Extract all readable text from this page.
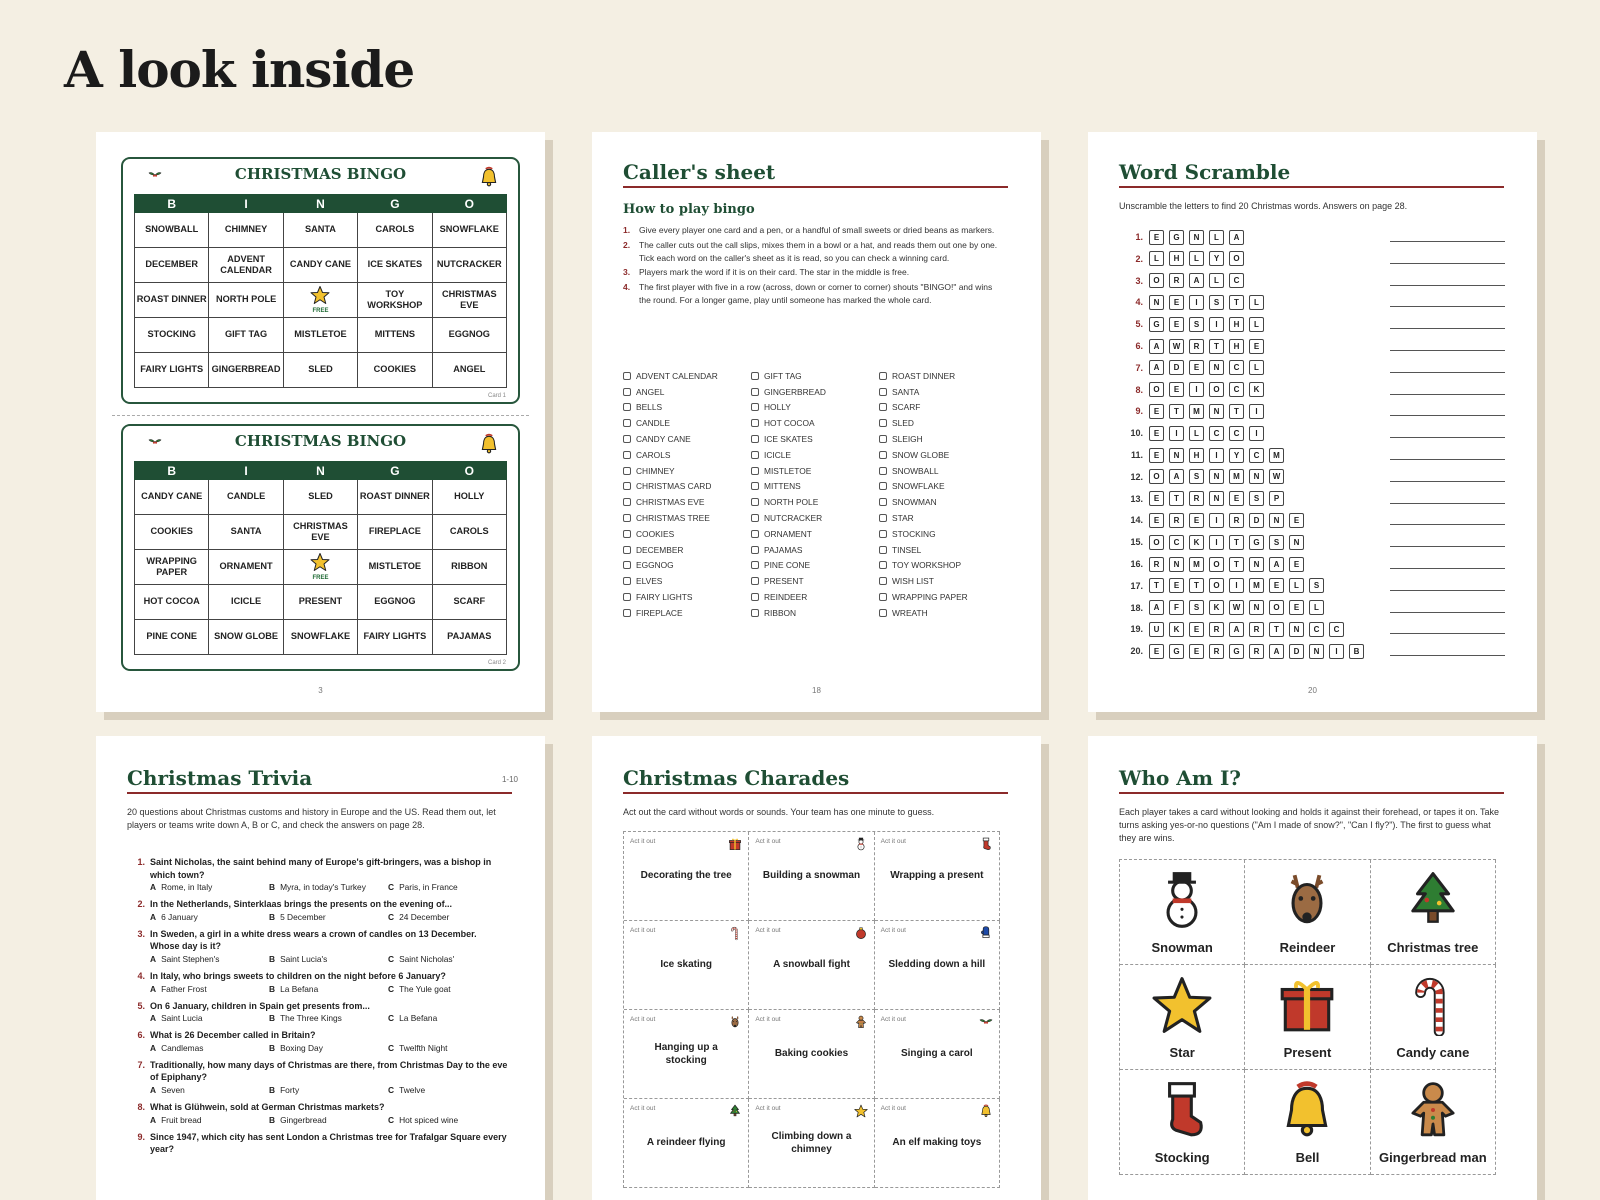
A look inside
CHRISTMAS BINGO
B	I	N	G	O
SNOWBALL	CHIMNEY	SANTA	CAROLS	SNOWFLAKE
DECEMBER	ADVENT CALENDAR	CANDY CANE	ICE SKATES	NUTCRACKER
ROAST DINNER	NORTH POLE	FREE	TOY WORKSHOP	CHRISTMAS EVE
STOCKING	GIFT TAG	MISTLETOE	MITTENS	EGGNOG
FAIRY LIGHTS	GINGERBREAD	SLED	COOKIES	ANGEL
Card 1
CHRISTMAS BINGO
B	I	N	G	O
CANDY CANE	CANDLE	SLED	ROAST DINNER	HOLLY
COOKIES	SANTA	CHRISTMAS EVE	FIREPLACE	CAROLS
WRAPPING PAPER	ORNAMENT	FREE	MISTLETOE	RIBBON
HOT COCOA	ICICLE	PRESENT	EGGNOG	SCARF
PINE CONE	SNOW GLOBE	SNOWFLAKE	FAIRY LIGHTS	PAJAMAS
Card 2
3
Caller's sheet
How to play bingo
1.	Give every player one card and a pen, or a handful of small sweets or dried beans as markers.
2.	The caller cuts out the call slips, mixes them in a bowl or a hat, and reads them out one by one. Tick each word on the caller's sheet as it is read, so you can check a winning card.
3.	Players mark the word if it is on their card. The star in the middle is free.
4.	The first player with five in a row (across, down or corner to corner) shouts "BINGO!" and wins the round. For a longer game, play until someone has marked the whole card.
ADVENT CALENDAR
ANGEL
BELLS
CANDLE
CANDY CANE
CAROLS
CHIMNEY
CHRISTMAS CARD
CHRISTMAS EVE
CHRISTMAS TREE
COOKIES
DECEMBER
EGGNOG
ELVES
FAIRY LIGHTS
FIREPLACE
GIFT TAG
GINGERBREAD
HOLLY
HOT COCOA
ICE SKATES
ICICLE
MISTLETOE
MITTENS
NORTH POLE
NUTCRACKER
ORNAMENT
PAJAMAS
PINE CONE
PRESENT
REINDEER
RIBBON
ROAST DINNER
SANTA
SCARF
SLED
SLEIGH
SNOW GLOBE
SNOWBALL
SNOWFLAKE
SNOWMAN
STAR
STOCKING
TINSEL
TOY WORKSHOP
WISH LIST
WRAPPING PAPER
WREATH
18
Word Scramble
Unscramble the letters to find 20 Christmas words. Answers on page 28.
1.	E	G	N	L	A
2.	L	H	L	Y	O
3.	O	R	A	L	C
4.	N	E	I	S	T	L
5.	G	E	S	I	H	L
6.	A	W	R	T	H	E
7.	A	D	E	N	C	L
8.	O	E	I	O	C	K
9.	E	T	M	N	T	I
10.	E	I	L	C	C	I
11.	E	N	H	I	Y	C	M
12.	O	A	S	N	M	N	W
13.	E	T	R	N	E	S	P
14.	E	R	E	I	R	D	N	E
15.	O	C	K	I	T	G	S	N
16.	R	N	M	O	T	N	A	E
17.	T	E	T	O	I	M	E	L	S
18.	A	F	S	K	W	N	O	E	L
19.	U	K	E	R	A	R	T	N	C	C
20.	E	G	E	R	G	R	A	D	N	I	B
20
Christmas Trivia	1-10
20 questions about Christmas customs and history in Europe and the US. Read them out, let players or teams write down A, B or C, and check the answers on page 28.
1. Saint Nicholas, the saint behind many of Europe's gift-bringers, was a bishop in which town?
A Rome, in Italy	B Myra, in today's Turkey	C Paris, in France
2. In the Netherlands, Sinterklaas brings the presents on the evening of...
A 6 January	B 5 December	C 24 December
3. In Sweden, a girl in a white dress wears a crown of candles on 13 December. Whose day is it?
A Saint Stephen's	B Saint Lucia's	C Saint Nicholas'
4. In Italy, who brings sweets to children on the night before 6 January?
A Father Frost	B La Befana	C The Yule goat
5. On 6 January, children in Spain get presents from...
A Saint Lucia	B The Three Kings	C La Befana
6. What is 26 December called in Britain?
A Candlemas	B Boxing Day	C Twelfth Night
7. Traditionally, how many days of Christmas are there, from Christmas Day to the eve of Epiphany?
A Seven	B Forty	C Twelve
8. What is Glühwein, sold at German Christmas markets?
A Fruit bread	B Gingerbread	C Hot spiced wine
9. Since 1947, which city has sent London a Christmas tree for Trafalgar Square every year?
Christmas Charades
Act out the card without words or sounds. Your team has one minute to guess.
Act it out
Decorating the tree
Act it out
Building a snowman
Act it out
Wrapping a present
Act it out
Ice skating
Act it out
A snowball fight
Act it out
Sledding down a hill
Act it out
Hanging up a stocking
Act it out
Baking cookies
Act it out
Singing a carol
Act it out
A reindeer flying
Act it out
Climbing down a chimney
Act it out
An elf making toys
Who Am I?
Each player takes a card without looking and holds it against their forehead, or tapes it on. Take turns asking yes-or-no questions ("Am I made of snow?", "Can I fly?"). The first to guess what they are wins.
Snowman	Reindeer	Christmas tree
Star	Present	Candy cane
Stocking	Bell	Gingerbread man
